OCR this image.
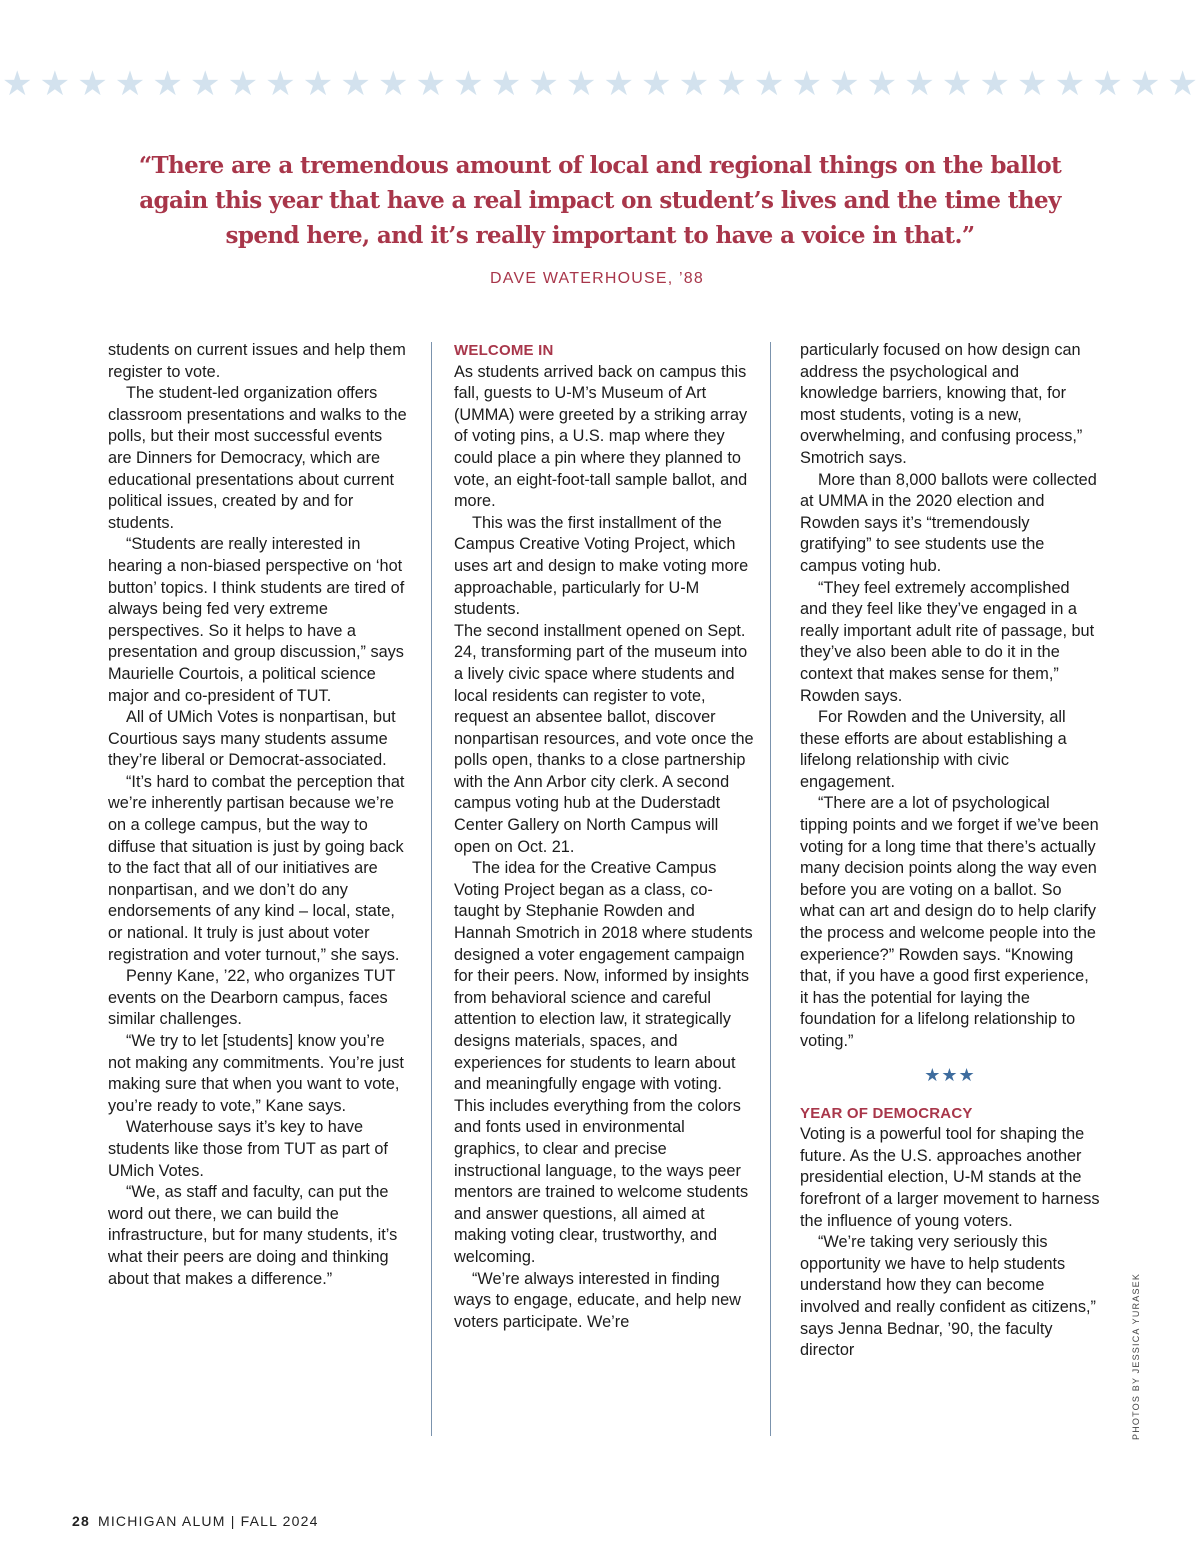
★ ★ ★ ★ ★ ★ ★ ★ ★ ★ ★ ★ ★ ★ ★ ★ ★ ★ ★ ★ ★ ★ ★ ★ ★ ★ ★ ★ ★ ★ ★ ★

“There are a tremendous amount of local and regional things on the ballot again this year that have a real impact on student’s lives and the time they spend here, and it’s really important to have a voice in that.”

DAVE WATERHOUSE, ’88

students on current issues and help them register to vote.

The student-led organization offers classroom presentations and walks to the polls, but their most successful events are Dinners for Democracy, which are educational presentations about current political issues, created by and for students.

“Students are really interested in hearing a non-biased perspective on ‘hot button’ topics. I think students are tired of always being fed very extreme perspectives. So it helps to have a presentation and group discussion,” says Maurielle Courtois, a political science major and co-president of TUT.

All of UMich Votes is nonpartisan, but Courtious says many students assume they’re liberal or Democrat-associated.

“It’s hard to combat the perception that we’re inherently partisan because we’re on a college campus, but the way to diffuse that situation is just by going back to the fact that all of our initiatives are nonpartisan, and we don’t do any endorsements of any kind – local, state, or national. It truly is just about voter registration and voter turnout,” she says.

Penny Kane, ’22, who organizes TUT events on the Dearborn campus, faces similar challenges.

“We try to let [students] know you’re not making any commitments. You’re just making sure that when you want to vote, you’re ready to vote,” Kane says.

Waterhouse says it’s key to have students like those from TUT as part of UMich Votes.

“We, as staff and faculty, can put the word out there, we can build the infrastructure, but for many students, it’s what their peers are doing and thinking about that makes a difference.”

WELCOME IN

As students arrived back on campus this fall, guests to U-M’s Museum of Art (UMMA) were greeted by a striking array of voting pins, a U.S. map where they could place a pin where they planned to vote, an eight-foot-tall sample ballot, and more.

This was the first installment of the Campus Creative Voting Project, which uses art and design to make voting more approachable, particularly for U-M students.

The second installment opened on Sept. 24, transforming part of the museum into a lively civic space where students and local residents can register to vote, request an absentee ballot, discover nonpartisan resources, and vote once the polls open, thanks to a close partnership with the Ann Arbor city clerk. A second campus voting hub at the Duderstadt Center Gallery on North Campus will open on Oct. 21.

The idea for the Creative Campus Voting Project began as a class, co-taught by Stephanie Rowden and Hannah Smotrich in 2018 where students designed a voter engagement campaign for their peers. Now, informed by insights from behavioral science and careful attention to election law, it strategically designs materials, spaces, and experiences for students to learn about and meaningfully engage with voting. This includes everything from the colors and fonts used in environmental graphics, to clear and precise instructional language, to the ways peer mentors are trained to welcome students and answer questions, all aimed at making voting clear, trustworthy, and welcoming.

“We’re always interested in finding ways to engage, educate, and help new voters participate. We’re

particularly focused on how design can address the psychological and knowledge barriers, knowing that, for most students, voting is a new, overwhelming, and confusing process,” Smotrich says.

More than 8,000 ballots were collected at UMMA in the 2020 election and Rowden says it’s “tremendously gratifying” to see students use the campus voting hub.

“They feel extremely accomplished and they feel like they’ve engaged in a really important adult rite of passage, but they’ve also been able to do it in the context that makes sense for them,” Rowden says.

For Rowden and the University, all these efforts are about establishing a lifelong relationship with civic engagement.

“There are a lot of psychological tipping points and we forget if we’ve been voting for a long time that there’s actually many decision points along the way even before you are voting on a ballot. So what can art and design do to help clarify the process and welcome people into the experience?” Rowden says. “Knowing that, if you have a good first experience, it has the potential for laying the foundation for a lifelong relationship to voting.”

★★★
YEAR OF DEMOCRACY

Voting is a powerful tool for shaping the future. As the U.S. approaches another presidential election, U-M stands at the forefront of a larger movement to harness the influence of young voters.

“We’re taking very seriously this opportunity we have to help students understand how they can become involved and really confident as citizens,” says Jenna Bednar, ’90, the faculty director	PHOTOS BY JESSICA YURASEK
28 MICHIGAN ALUM | FALL 2024
